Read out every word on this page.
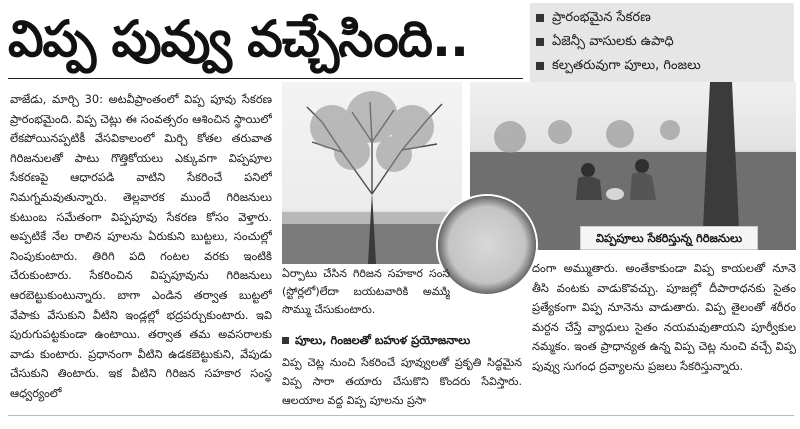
విప్ప పువ్వు వచ్చేసింది..	ప్రారంభమైన సేకరణ
ఏజెన్సీ వాసులకు ఉపాధి
కల్పతరువుగా పూలు, గింజలు

వాజేడు, మార్చి 30: అటవీప్రాంతంలో విప్ప పూవు సేకరణ ప్రారంభమైంది. విప్ప చెట్లు ఈ సంవత్సరం ఆశించిన స్థాయిలో లేకపోయినప్పటికీ వేసవికాలంలో మిర్చి కోతల తరువాత గిరిజనులతో పాటు గొత్తికోయలు ఎక్కువగా విప్పపూల సేకరణపై ఆధారపడి వాటిని సేకరించే పనిలో నిమగ్నమవుతున్నారు. తెల్లవారక ముందే గిరిజనులు కుటుంబ సమేతంగా విప్పపూవు సేకరణ కోసం వెళ్తారు. అప్పటికే నేల రాలిన పూలను ఏరుకుని బుట్టలు, సంచుల్లో నింపుకుంటారు. తిరిగి పది గంటల వరకు ఇంటికి చేరుకుంటారు. సేకరించిన విప్పపూవును గిరిజనులు ఆరబెట్టుకుంటున్నారు. బాగా ఎండిన తర్వాత బుట్టలో వేపాకు వేసుకుని వీటిని ఇండ్లల్లో భద్రపర్చుకుంటారు. ఇవి పురుగుపట్టకుండా ఉంటాయి. తర్వాత తమ అవసరాలకు వాడు కుంటారు. ప్రధానంగా వీటిని ఉడకబెట్టుకుని, వేపుడు చేసుకుని తింటారు. ఇక వీటిని గిరిజన సహకార సంస్థ ఆధ్వర్యంలో

విప్పపూలు సేకరిస్తున్న గిరిజనులు

ఏర్పాటు చేసిన గిరిజన సహకార సంస (స్టోర్లలో)లేదా బయటవారికి అమ్ముి సొమ్ము చేసుకుంటారు.

పూలు, గింజలతో బహుళ ప్రయోజనాలు

విప్ప చెట్ల నుంచి సేకరించే పూవ్వులతో ప్రకృతి సిద్ధమైన విప్ప సారా తయారు చేసుకొని కొందరు సేవిస్తారు. ఆలయాల వద్ద విప్ప పూలను ప్రసా

దంగా అమ్ముతారు. అంతేకాకుండా విప్ప కాయలతో నూనె తీసి వంటకు వాడుకొవచ్చు. పూజల్లో దీపారాధనకు సైతం ప్రత్యేకంగా విప్ప నూనెను వాడుతారు. విప్ప తైలంతో శరీరం మర్దన చేస్తే వ్యాధులు సైతం నయమవుతాయని పూర్వీకుల నమ్మకం. ఇంత ప్రాధాన్యత ఉన్న విప్ప చెట్ల నుంచి వచ్చే విప్ప పువ్వు సుగంధ ద్రవ్యాలను ప్రజలు సేకరిస్తున్నారు.
